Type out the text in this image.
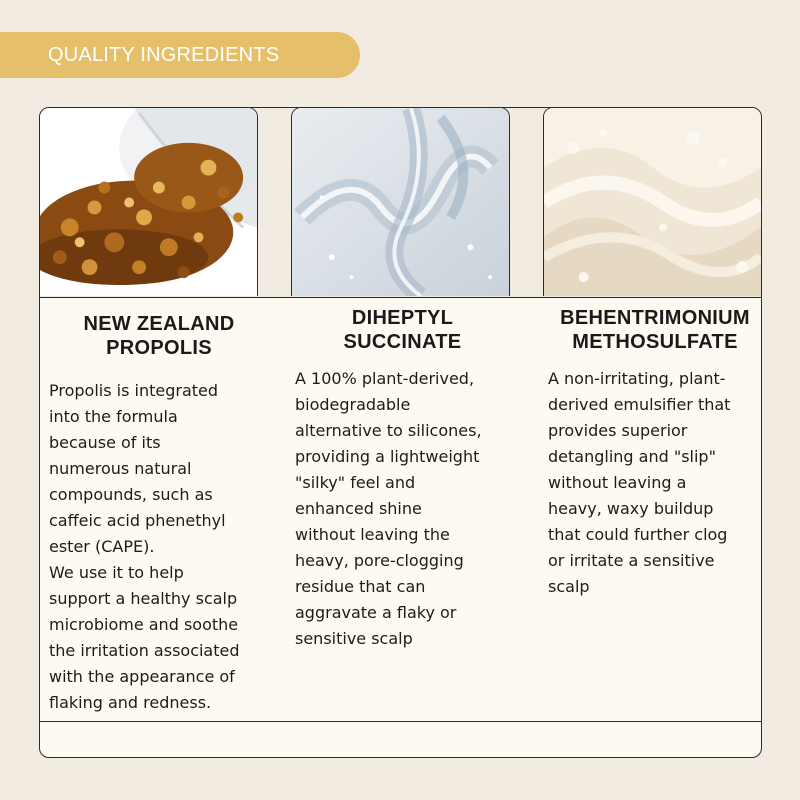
QUALITY INGREDIENTS
NEW ZEALAND
PROPOLIS

Propolis is integrated
into the formula
because of its
numerous natural
compounds, such as
caffeic acid phenethyl
ester (CAPE).
We use it to help
support a healthy scalp
microbiome and soothe
the irritation associated
with the appearance of
flaking and redness.

DIHEPTYL
SUCCINATE

A 100% plant-derived,
biodegradable
alternative to silicones,
providing a lightweight
"silky" feel and
enhanced shine
without leaving the
heavy, pore-clogging
residue that can
aggravate a flaky or
sensitive scalp

BEHENTRIMONIUM
METHOSULFATE

A non-irritating, plant-
derived emulsifier that
provides superior
detangling and "slip"
without leaving a
heavy, waxy buildup
that could further clog
or irritate a sensitive
scalp
